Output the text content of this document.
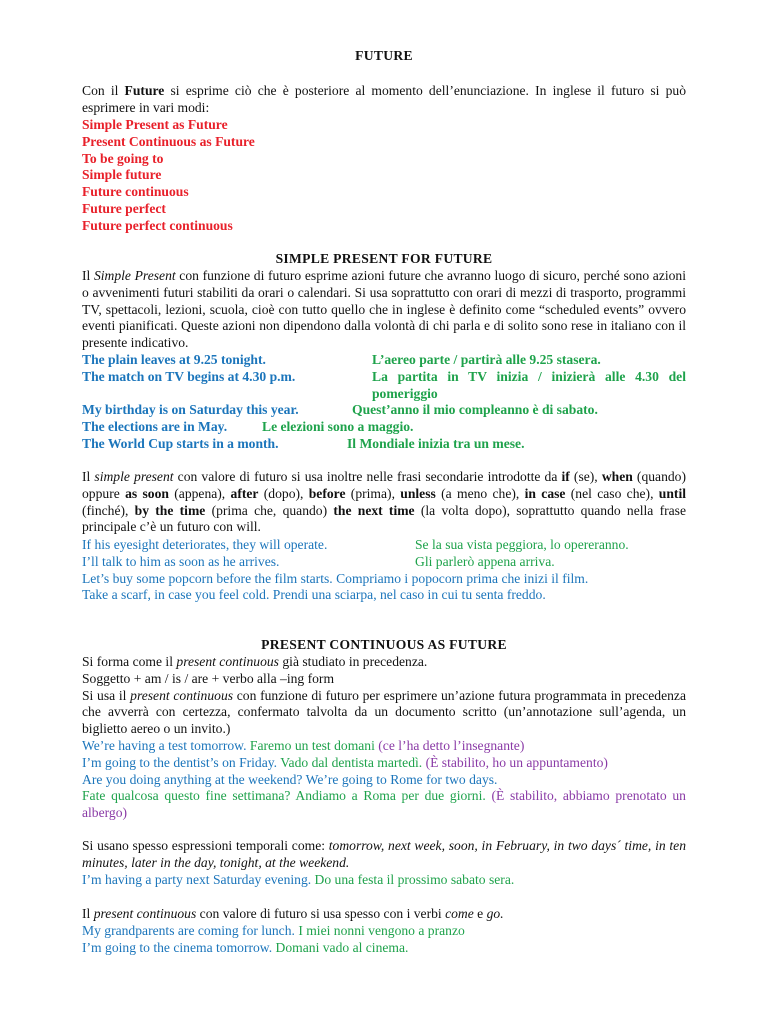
FUTURE
Con il Future si esprime ciò che è posteriore al momento dell’enunciazione. In inglese il futuro si può esprimere in vari modi:
Simple Present as Future
Present Continuous as Future
To be going to
Simple future
Future continuous
Future perfect
Future perfect continuous
SIMPLE PRESENT FOR FUTURE
Il Simple Present con funzione di futuro esprime azioni future che avranno luogo di sicuro, perché sono azioni o avvenimenti futuri stabiliti da orari o calendari. Si usa soprattutto con orari di mezzi di trasporto, programmi TV, spettacoli, lezioni, scuola, cioè con tutto quello che in inglese è definito come “scheduled events” ovvero eventi pianificati. Queste azioni non dipendono dalla volontà di chi parla e di solito sono rese in italiano con il presente indicativo.
The plain leaves at 9.25 tonight.	L’aereo parte / partirà alle 9.25 stasera.
The match on TV begins at 4.30 p.m.	La partita in TV inizia / inizierà alle 4.30 del pomeriggio
My birthday is on Saturday this year.	Quest’anno il mio compleanno è di sabato.
The elections are in May.	Le elezioni sono a maggio.
The World Cup starts in a month.	Il Mondiale inizia tra un mese.
Il simple present con valore di futuro si usa inoltre nelle frasi secondarie introdotte da if (se), when (quando) oppure as soon (appena), after (dopo), before (prima), unless (a meno che), in case (nel caso che), until (finché), by the time (prima che, quando) the next time (la volta dopo), soprattutto quando nella frase principale c’è un futuro con will.
If his eyesight deteriorates, they will operate.	Se la sua vista peggiora, lo opereranno.
I’ll talk to him as soon as he arrives.	Gli parlerò appena arriva.
Let’s buy some popcorn before the film starts. Compriamo i popocorn prima che inizi il film.
Take a scarf, in case you feel cold. Prendi una sciarpa, nel caso in cui tu senta freddo.
PRESENT CONTINUOUS AS FUTURE
Si forma come il present continuous già studiato in precedenza.
Soggetto + am / is / are + verbo alla –ing form
Si usa il present continuous con funzione di futuro per esprimere un’azione futura programmata in precedenza che avverrà con certezza, confermato talvolta da un documento scritto (un’annotazione sull’agenda, un biglietto aereo o un invito.)
We’re having a test tomorrow. Faremo un test domani (ce l’ha detto l’insegnante)
I’m going to the dentist’s on Friday. Vado dal dentista martedì. (È stabilito, ho un appuntamento)
Are you doing anything at the weekend? We’re going to Rome for two days.
Fate qualcosa questo fine settimana? Andiamo a Roma per due giorni. (È stabilito, abbiamo prenotato un albergo)
Si usano spesso espressioni temporali come: tomorrow, next week, soon, in February, in two days´ time, in ten minutes, later in the day, tonight, at the weekend.
I’m having a party next Saturday evening. Do una festa il prossimo sabato sera.
Il present continuous con valore di futuro si usa spesso con i verbi come e go.
My grandparents are coming for lunch. I miei nonni vengono a pranzo
I’m going to the cinema tomorrow. Domani vado al cinema.
